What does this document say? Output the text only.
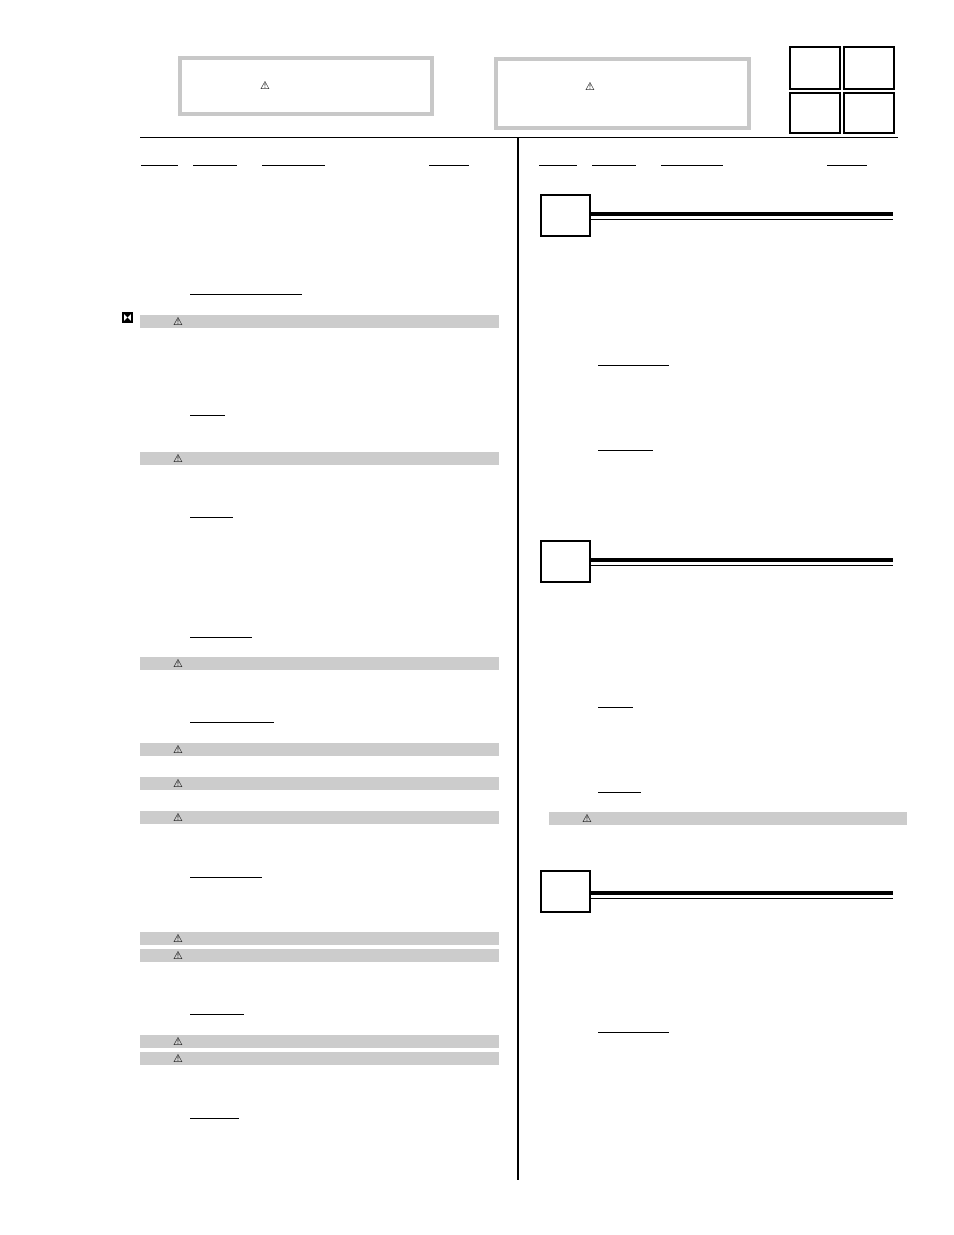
⚠	⚠
⚠
⚠
⚠
⚠
⚠
⚠
⚠
⚠
⚠
⚠
⚠
